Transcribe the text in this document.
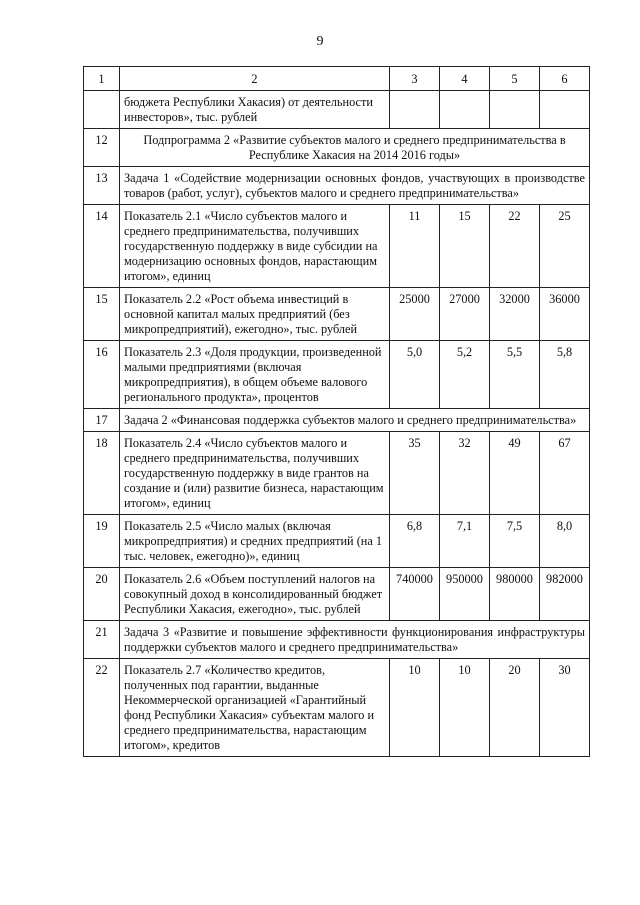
9
1	2	3	4	5	6
	бюджета Республики Хакасия) от деятельности инвесторов», тыс. рублей				
12	Подпрограмма 2 «Развитие субъектов малого и среднего предпринимательства в Республике Хакасия на 2014 2016 годы»				
13	Задача 1 «Содействие модернизации основных фондов, участвующих в производстве товаров (работ, услуг), субъектов малого и среднего предпринимательства»				
14	Показатель 2.1 «Число субъектов малого и среднего предпринимательства, получивших государственную поддержку в виде субсидии на модернизацию основных фондов, нарастающим итогом», единиц	11	15	22	25
15	Показатель 2.2 «Рост объема инвестиций в основной капитал малых предприятий (без микропредприятий), ежегодно», тыс. рублей	25000	27000	32000	36000
16	Показатель 2.3 «Доля продукции, произведенной малыми предприятиями (включая микропредприятия), в общем объеме валового регионального продукта», процентов	5,0	5,2	5,5	5,8
17	Задача 2 «Финансовая поддержка субъектов малого и среднего предпринимательства»				
18	Показатель 2.4 «Число субъектов малого и среднего предпринимательства, получивших государственную поддержку в виде грантов на создание и (или) развитие бизнеса, нарастающим итогом», единиц	35	32	49	67
19	Показатель 2.5 «Число малых (включая микропредприятия) и средних предприятий (на 1 тыс. человек, ежегодно)», единиц	6,8	7,1	7,5	8,0
20	Показатель 2.6 «Объем поступлений налогов на совокупный доход в консолидированный бюджет Республики Хакасия, ежегодно», тыс. рублей	740000	950000	980000	982000
21	Задача 3 «Развитие и повышение эффективности функционирования инфраструктуры поддержки субъектов малого и среднего предпринимательства»				
22	Показатель 2.7 «Количество кредитов, полученных под гарантии, выданные Некоммерческой организацией «Гарантийный фонд Республики Хакасия» субъектам малого и среднего предпринимательства, нарастающим итогом», кредитов	10	10	20	30
